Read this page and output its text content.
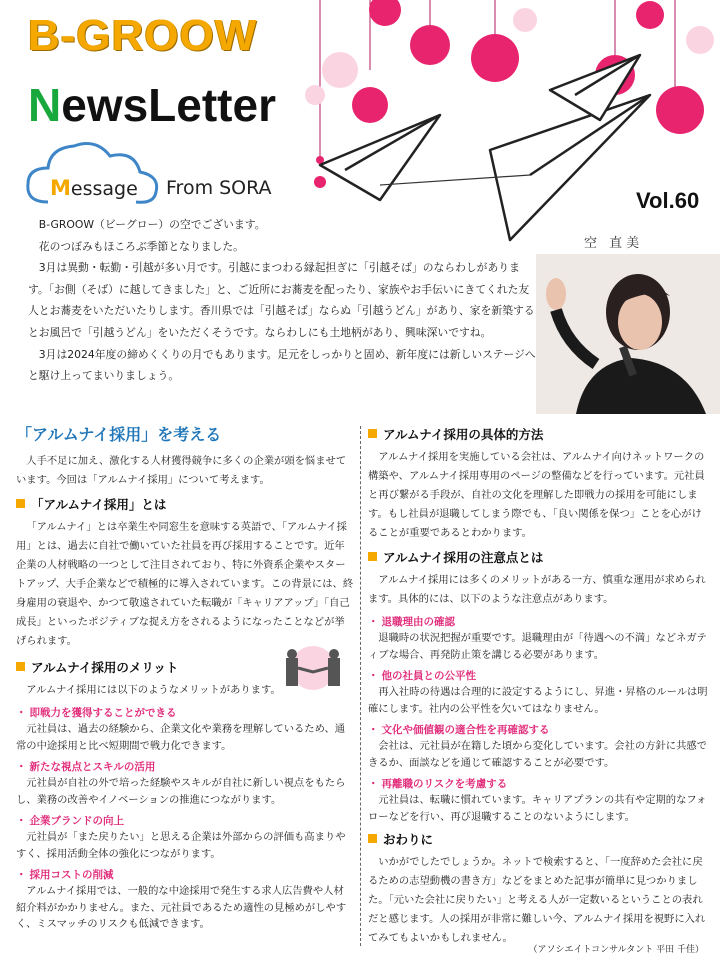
B-GROOW
NewsLetter
Message From SORA	Vol.60
空 直美

B-GROOW（ビーグロー）の空でございます。

花のつぼみもほころぶ季節となりました。

3月は異動・転勤・引越が多い月です。引越にまつわる縁起担ぎに「引越そば」のならわしがあります。「お側（そば）に越してきました」と、ご近所にお蕎麦を配ったり、家族やお手伝いにきてくれた友人とお蕎麦をいただいたりします。香川県では「引越そば」ならぬ「引越うどん」があり、家を新築するとお風呂で「引越うどん」をいただくそうです。ならわしにも土地柄があり、興味深いですね。

3月は2024年度の締めくくりの月でもあります。足元をしっかりと固め、新年度には新しいステージへと駆け上ってまいりましょう。

「アルムナイ採用」を考える

人手不足に加え、激化する人材獲得競争に多くの企業が頭を悩ませています。今回は「アルムナイ採用」について考えます。

「アルムナイ採用」とは

「アルムナイ」とは卒業生や同窓生を意味する英語で、「アルムナイ採用」とは、過去に自社で働いていた社員を再び採用することです。近年企業の人材戦略の一つとして注目されており、特に外資系企業やスタートアップ、大手企業などで積極的に導入されています。この背景には、終身雇用の衰退や、かつて敬遠されていた転職が「キャリアアップ」「自己成長」といったポジティブな捉え方をされるようになったことなどが挙げられます。

アルムナイ採用のメリット

アルムナイ採用には以下のようなメリットがあります。

・ 即戦力を獲得することができる

元社員は、過去の経験から、企業文化や業務を理解しているため、通常の中途採用と比べ短期間で戦力化できます。

・ 新たな視点とスキルの活用

元社員が自社の外で培った経験やスキルが自社に新しい視点をもたらし、業務の改善やイノベーションの推進につながります。

・ 企業ブランドの向上

元社員が「また戻りたい」と思える企業は外部からの評価も高まりやすく、採用活動全体の強化につながります。

・ 採用コストの削減

アルムナイ採用では、一般的な中途採用で発生する求人広告費や人材紹介料がかかりません。また、元社員であるため適性の見極めがしやすく、ミスマッチのリスクも低減できます。

アルムナイ採用の具体的方法

アルムナイ採用を実施している会社は、アルムナイ向けネットワークの構築や、アルムナイ採用専用のページの整備などを行っています。元社員と再び繋がる手段が、自社の文化を理解した即戦力の採用を可能にします。もし社員が退職してしまう際でも、「良い関係を保つ」ことを心がけることが重要であるとわかります。

アルムナイ採用の注意点とは

アルムナイ採用には多くのメリットがある一方、慎重な運用が求められます。具体的には、以下のような注意点があります。

・ 退職理由の確認

退職時の状況把握が重要です。退職理由が「待遇への不満」などネガティブな場合、再発防止策を講じる必要があります。

・ 他の社員との公平性

再入社時の待遇は合理的に設定するようにし、昇進・昇格のルールは明確にします。社内の公平性を欠いてはなりません。

・ 文化や価値観の適合性を再確認する

会社は、元社員が在籍した頃から変化しています。会社の方針に共感できるか、面談などを通じて確認することが必要です。

・ 再離職のリスクを考慮する

元社員は、転職に慣れています。キャリアプランの共有や定期的なフォローなどを行い、再び退職することのないようにします。

おわりに

いかがでしたでしょうか。ネットで検索すると、「一度辞めた会社に戻るための志望動機の書き方」などをまとめた記事が簡単に見つかりました。「元いた会社に戻りたい」と考える人が一定数いるということの表れだと感じます。人の採用が非常に難しい今、アルムナイ採用を視野に入れてみてもよいかもしれません。

（アソシエイトコンサルタント 平田 千佳）
